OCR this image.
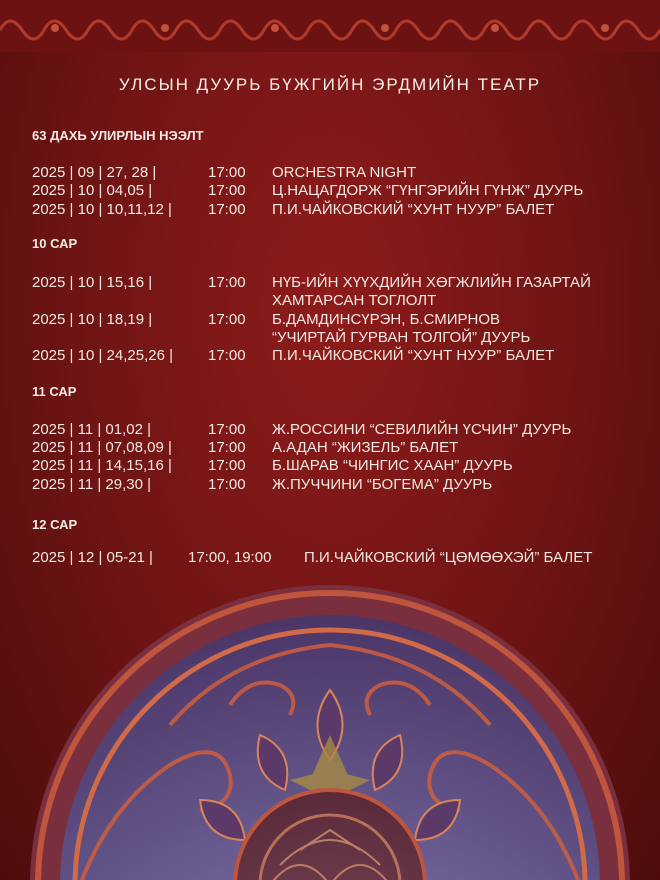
УЛСЫН ДУУРЬ БҮЖГИЙН ЭРДМИЙН ТЕАТР
63 ДАХЬ УЛИРЛЫН НЭЭЛТ
2025 | 09 | 27, 28 |	17:00 ORCHESTRA NIGHT
2025 | 10 | 04,05 |	17:00 Ц.НАЦАГДОРЖ “ГҮНГЭРИЙН ГҮНЖ” ДУУРЬ
2025 | 10 | 10,11,12 | 17:00 П.И.ЧАЙКОВСКИЙ “ХУНТ НУУР” БАЛЕТ
10 САР
2025 | 10 | 15,16 |	17:00 НҮБ-ИЙН ХҮҮХДИЙН ХӨГЖЛИЙН ГАЗАРТАЙ
ХАМТАРСАН ТОГЛОЛТ
2025 | 10 | 18,19 |	17:00 Б.ДАМДИНСҮРЭН, Б.СМИРНОВ
“УЧИРТАЙ ГУРВАН ТОЛГОЙ” ДУУРЬ
2025 | 10 | 24,25,26 | 17:00 П.И.ЧАЙКОВСКИЙ “ХУНТ НУУР” БАЛЕТ
11 САР
2025 | 11 | 01,02 |	17:00 Ж.РОССИНИ “СЕВИЛИЙН ҮСЧИН” ДУУРЬ
2025 | 11 | 07,08,09 | 17:00 А.АДАН “ЖИЗЕЛЬ” БАЛЕТ
2025 | 11 | 14,15,16 | 17:00 Б.ШАРАВ “ЧИНГИС ХААН” ДУУРЬ
2025 | 11 | 29,30 |	17:00 Ж.ПУЧЧИНИ “БОГЕМА” ДУУРЬ
12 САР
2025 | 12 | 05-21 | 17:00, 19:00 П.И.ЧАЙКОВСКИЙ “ЦӨМӨӨХЭЙ” БАЛЕТ
